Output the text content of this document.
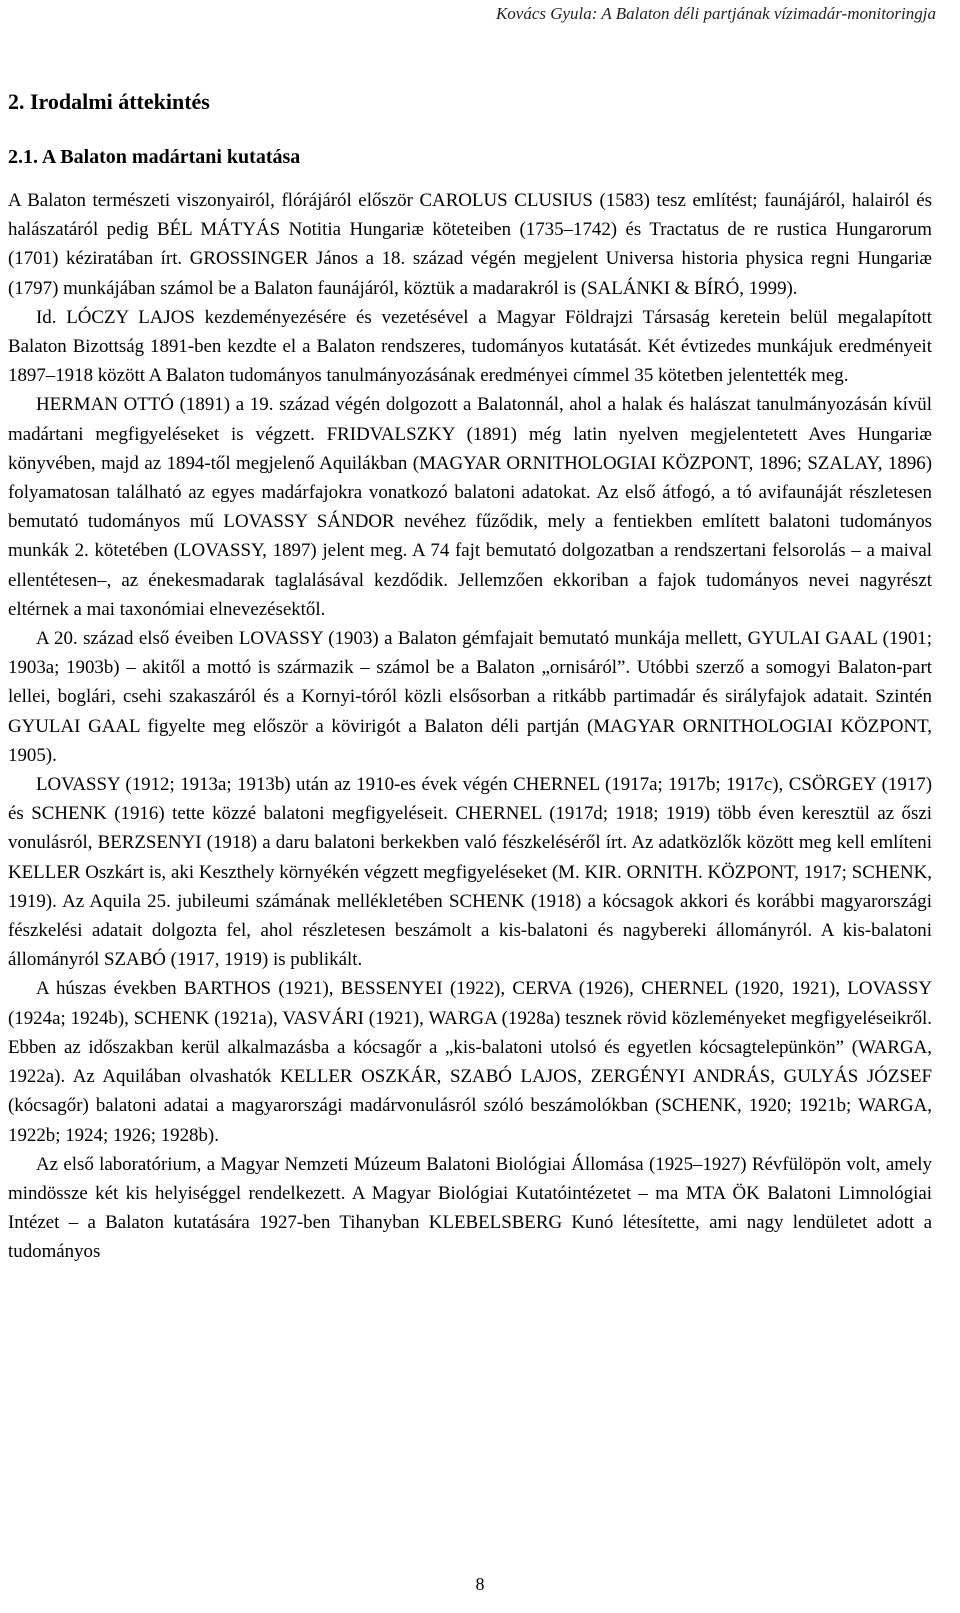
Kovács Gyula: A Balaton déli partjának vízimadár-monitoringja
2. Irodalmi áttekintés
2.1. A Balaton madártani kutatása

A Balaton természeti viszonyairól, flórájáról először CAROLUS CLUSIUS (1583) tesz említést; faunájáról, halairól és halászatáról pedig BÉL MÁTYÁS Notitia Hungariæ köteteiben (1735–1742) és Tractatus de re rustica Hungarorum (1701) kéziratában írt. GROSSINGER János a 18. század végén megjelent Universa historia physica regni Hungariæ (1797) munkájában számol be a Balaton faunájáról, köztük a madarakról is (SALÁNKI & BÍRÓ, 1999).

Id. LÓCZY LAJOS kezdeményezésére és vezetésével a Magyar Földrajzi Társaság keretein belül megalapított Balaton Bizottság 1891-ben kezdte el a Balaton rendszeres, tudományos kutatását. Két évtizedes munkájuk eredményeit 1897–1918 között A Balaton tudományos tanulmányozásának eredményei címmel 35 kötetben jelentették meg.

HERMAN OTTÓ (1891) a 19. század végén dolgozott a Balatonnál, ahol a halak és halászat tanulmányozásán kívül madártani megfigyeléseket is végzett. FRIDVALSZKY (1891) még latin nyelven megjelentetett Aves Hungariæ könyvében, majd az 1894-től megjelenő Aquilákban (MAGYAR ORNITHOLOGIAI KÖZPONT, 1896; SZALAY, 1896) folyamatosan található az egyes madárfajokra vonatkozó balatoni adatokat. Az első átfogó, a tó avifaunáját részletesen bemutató tudományos mű LOVASSY SÁNDOR nevéhez fűződik, mely a fentiekben említett balatoni tudományos munkák 2. kötetében (LOVASSY, 1897) jelent meg. A 74 fajt bemutató dolgozatban a rendszertani felsorolás – a maival ellentétesen–, az énekesmadarak taglalásával kezdődik. Jellemzően ekkoriban a fajok tudományos nevei nagyrészt eltérnek a mai taxonómiai elnevezésektől.

A 20. század első éveiben LOVASSY (1903) a Balaton gémfajait bemutató munkája mellett, GYULAI GAAL (1901; 1903a; 1903b) – akitől a mottó is származik – számol be a Balaton „ornisáról”. Utóbbi szerző a somogyi Balaton-part lellei, boglári, csehi szakaszáról és a Kornyi-tóról közli elsősorban a ritkább partimadár és sirályfajok adatait. Szintén GYULAI GAAL figyelte meg először a kövirigót a Balaton déli partján (MAGYAR ORNITHOLOGIAI KÖZPONT, 1905).

LOVASSY (1912; 1913a; 1913b) után az 1910-es évek végén CHERNEL (1917a; 1917b; 1917c), CSÖRGEY (1917) és SCHENK (1916) tette közzé balatoni megfigyeléseit. CHERNEL (1917d; 1918; 1919) több éven keresztül az őszi vonulásról, BERZSENYI (1918) a daru balatoni berkekben való fészkeléséről írt. Az adatközlők között meg kell említeni KELLER Oszkárt is, aki Keszthely környékén végzett megfigyeléseket (M. KIR. ORNITH. KÖZPONT, 1917; SCHENK, 1919). Az Aquila 25. jubileumi számának mellékletében SCHENK (1918) a kócsagok akkori és korábbi magyarországi fészkelési adatait dolgozta fel, ahol részletesen beszámolt a kis-balatoni és nagybereki állományról. A kis-balatoni állományról SZABÓ (1917, 1919) is publikált.

A húszas években BARTHOS (1921), BESSENYEI (1922), CERVA (1926), CHERNEL (1920, 1921), LOVASSY (1924a; 1924b), SCHENK (1921a), VASVÁRI (1921), WARGA (1928a) tesznek rövid közleményeket megfigyeléseikről. Ebben az időszakban kerül alkalmazásba a kócsagőr a „kis-balatoni utolsó és egyetlen kócsagtelepünkön” (WARGA, 1922a). Az Aquilában olvashatók KELLER OSZKÁR, SZABÓ LAJOS, ZERGÉNYI ANDRÁS, GULYÁS JÓZSEF (kócsagőr) balatoni adatai a magyarországi madárvonulásról szóló beszámolókban (SCHENK, 1920; 1921b; WARGA, 1922b; 1924; 1926; 1928b).

Az első laboratórium, a Magyar Nemzeti Múzeum Balatoni Biológiai Állomása (1925–1927) Révfülöpön volt, amely mindössze két kis helyiséggel rendelkezett. A Magyar Biológiai Kutatóintézetet – ma MTA ÖK Balatoni Limnológiai Intézet – a Balaton kutatására 1927-ben Tihanyban KLEBELSBERG Kunó létesítette, ami nagy lendületet adott a tudományos

8
